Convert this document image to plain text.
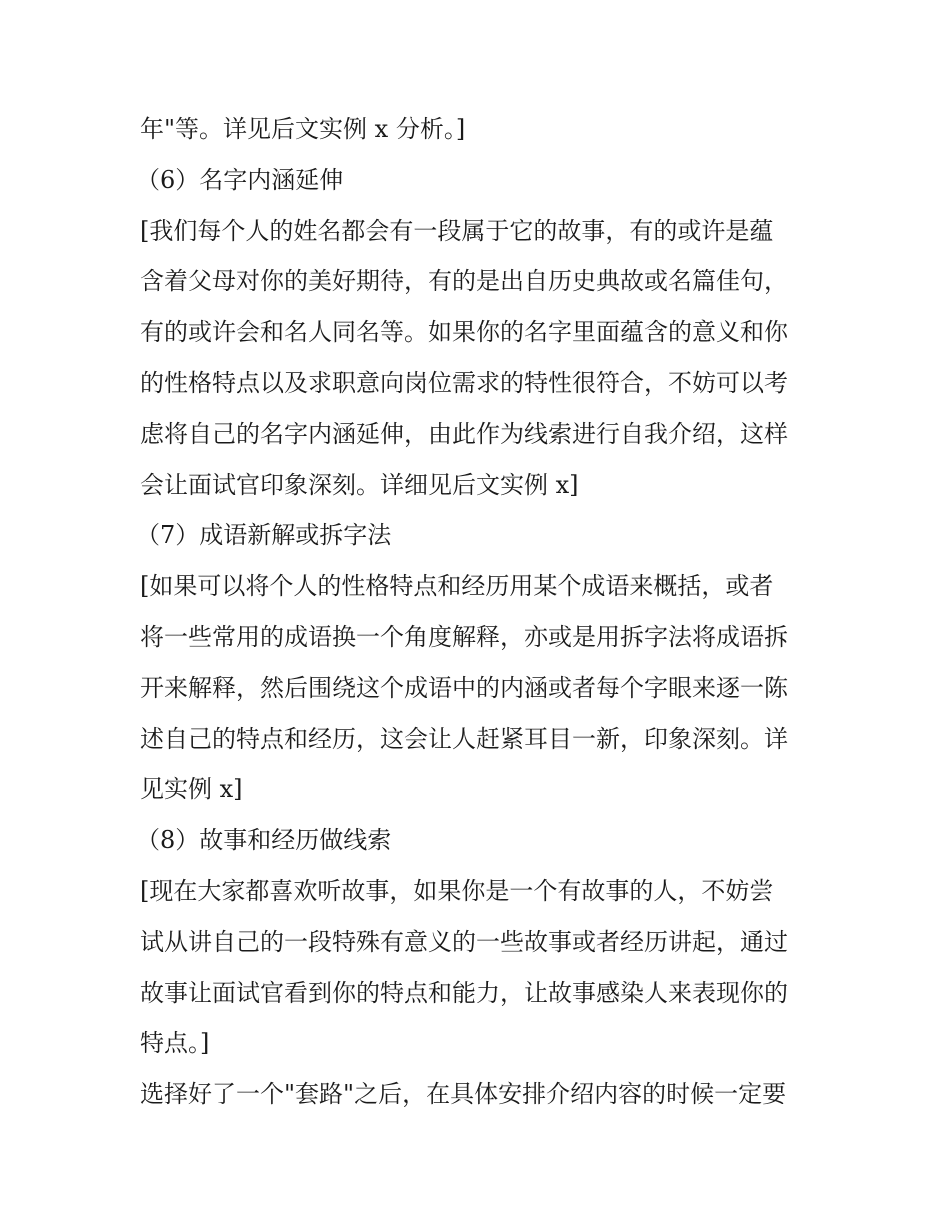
年"等。详见后文实例 x 分析。]
（6）名字内涵延伸
[我们每个人的姓名都会有一段属于它的故事，有的或许是蕴
含着父母对你的美好期待，有的是出自历史典故或名篇佳句，
有的或许会和名人同名等。如果你的名字里面蕴含的意义和你
的性格特点以及求职意向岗位需求的特性很符合，不妨可以考
虑将自己的名字内涵延伸，由此作为线索进行自我介绍，这样
会让面试官印象深刻。详细见后文实例 x]
（7）成语新解或拆字法
[如果可以将个人的性格特点和经历用某个成语来概括，或者
将一些常用的成语换一个角度解释，亦或是用拆字法将成语拆
开来解释，然后围绕这个成语中的内涵或者每个字眼来逐一陈
述自己的特点和经历，这会让人赶紧耳目一新，印象深刻。详
见实例 x]
（8）故事和经历做线索
[现在大家都喜欢听故事，如果你是一个有故事的人，不妨尝
试从讲自己的一段特殊有意义的一些故事或者经历讲起，通过
故事让面试官看到你的特点和能力，让故事感染人来表现你的
特点。]
选择好了一个"套路"之后，在具体安排介绍内容的时候一定要
